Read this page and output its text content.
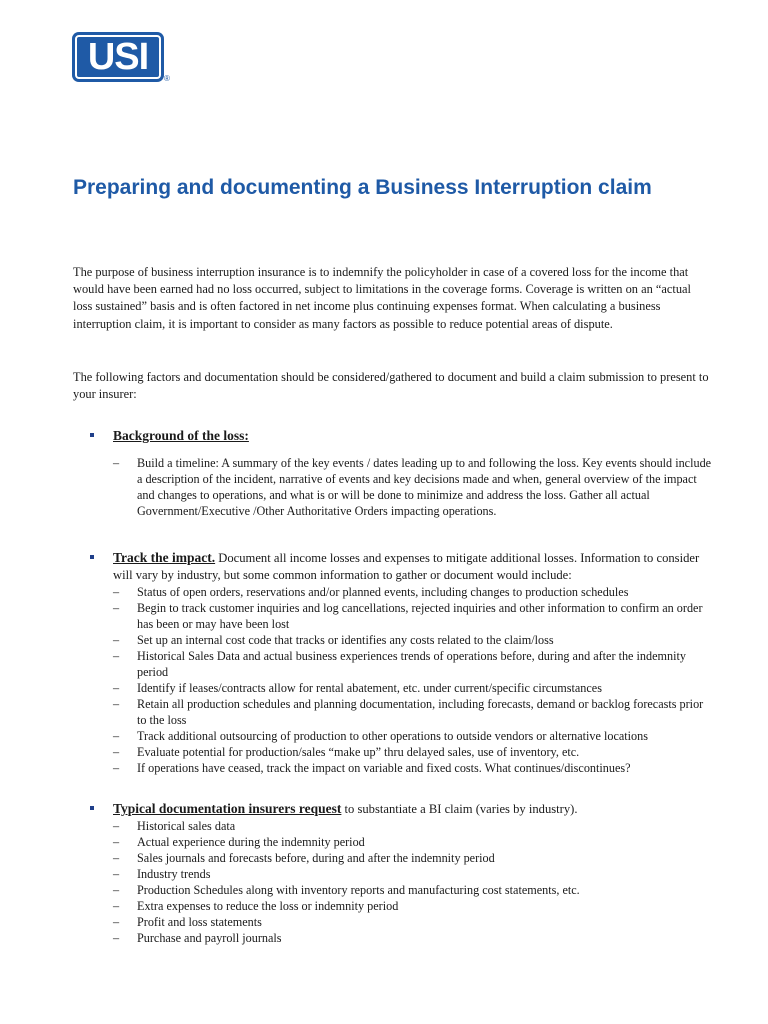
USI
®
Preparing and documenting a Business Interruption claim

The purpose of business interruption insurance is to indemnify the policyholder in case of a covered loss for the income that would have been earned had no loss occurred, subject to limitations in the coverage forms. Coverage is written on an “actual loss sustained” basis and is often factored in net income plus continuing expenses format. When calculating a business interruption claim, it is important to consider as many factors as possible to reduce potential areas of dispute.

The following factors and documentation should be considered/gathered to document and build a claim submission to present to your insurer:

Background of the loss:

– Build a timeline: A summary of the key events / dates leading up to and following the loss. Key events should include a description of the incident, narrative of events and key decisions made and when, general overview of the impact and changes to operations, and what is or will be done to minimize and address the loss. Gather all actual Government/Executive /Other Authoritative Orders impacting operations.

Track the impact. Document all income losses and expenses to mitigate additional losses. Information to consider will vary by industry, but some common information to gather or document would include:

– Status of open orders, reservations and/or planned events, including changes to production schedules
– Begin to track customer inquiries and log cancellations, rejected inquiries and other information to confirm an order has been or may have been lost
– Set up an internal cost code that tracks or identifies any costs related to the claim/loss
– Historical Sales Data and actual business experiences trends of operations before, during and after the indemnity period
– Identify if leases/contracts allow for rental abatement, etc. under current/specific circumstances
– Retain all production schedules and planning documentation, including forecasts, demand or backlog forecasts prior to the loss
– Track additional outsourcing of production to other operations to outside vendors or alternative locations
– Evaluate potential for production/sales “make up” thru delayed sales, use of inventory, etc.
– If operations have ceased, track the impact on variable and fixed costs. What continues/discontinues?

Typical documentation insurers request to substantiate a BI claim (varies by industry).

– Historical sales data
– Actual experience during the indemnity period
– Sales journals and forecasts before, during and after the indemnity period
– Industry trends
– Production Schedules along with inventory reports and manufacturing cost statements, etc.
– Extra expenses to reduce the loss or indemnity period
– Profit and loss statements
– Purchase and payroll journals
